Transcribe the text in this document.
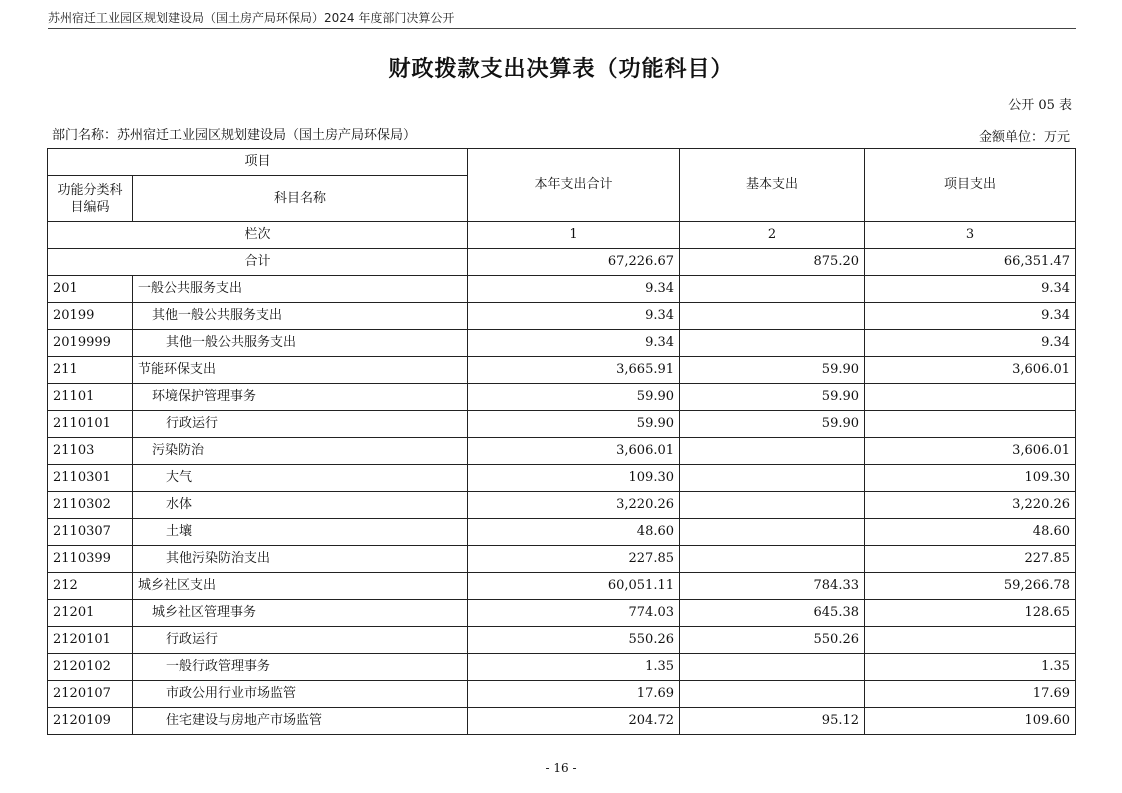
苏州宿迁工业园区规划建设局（国土房产局环保局）2024 年度部门决算公开
财政拨款支出决算表（功能科目）
公开 05 表
部门名称：苏州宿迁工业园区规划建设局（国土房产局环保局）	金额单位：万元
项目		本年支出合计	基本支出	项目支出
功能分类科目编码	科目名称			
栏次		1	2	3
合计		67,226.67	875.20	66,351.47
201	一般公共服务支出	9.34		9.34
20199	其他一般公共服务支出	9.34		9.34
2019999	其他一般公共服务支出	9.34		9.34
211	节能环保支出	3,665.91	59.90	3,606.01
21101	环境保护管理事务	59.90	59.90	
2110101	行政运行	59.90	59.90	
21103	污染防治	3,606.01		3,606.01
2110301	大气	109.30		109.30
2110302	水体	3,220.26		3,220.26
2110307	土壤	48.60		48.60
2110399	其他污染防治支出	227.85		227.85
212	城乡社区支出	60,051.11	784.33	59,266.78
21201	城乡社区管理事务	774.03	645.38	128.65
2120101	行政运行	550.26	550.26	
2120102	一般行政管理事务	1.35		1.35
2120107	市政公用行业市场监管	17.69		17.69
2120109	住宅建设与房地产市场监管	204.72	95.12	109.60
- 16 -
